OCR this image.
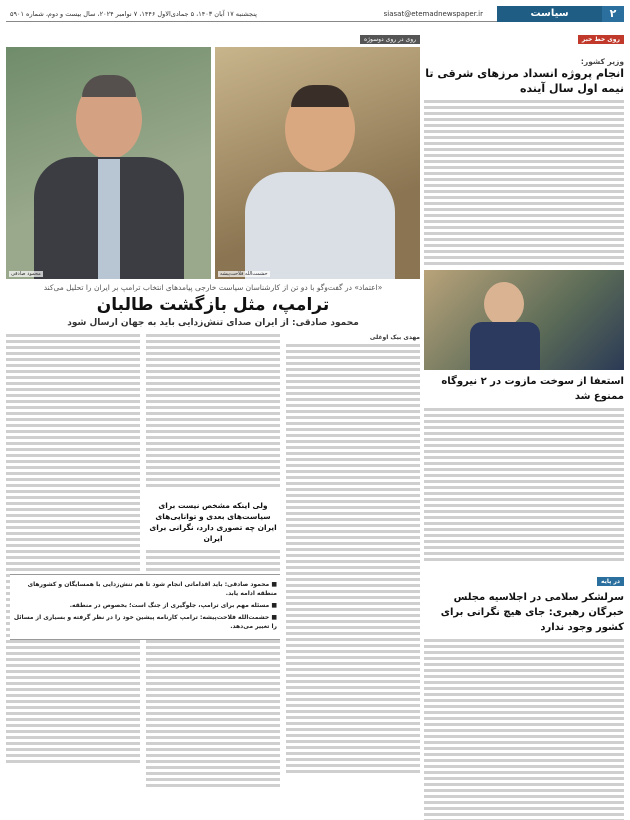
۲
سیاست
siasat@etemadnewspaper.ir
پنجشنبه ۱۷ آبان ۱۴۰۳، ۵ جمادی‌الاول ۱۴۴۶، ۷ نوامبر ۲۰۲۴، سال بیست و دوم، شماره ۵۹۰۱
روی خط خبر
وزیر کشور:
انجام پروژه انسداد مرزهای شرقی تا نیمه اول سال آینده
استعفا از سوخت مازوت در ۲ نیروگاه ممنوع شد
در پایه
سرلشکر سلامی در اجلاسیه مجلس خبرگان رهبری: جای هیچ نگرانی برای کشور وجود ندارد
روی‌ در روی‌ دوسوژه
حشمت‌الله فلاحت‌پیشه
محمود صادقی
«اعتماد» در گفت‌وگو با دو تن از کارشناسان سیاست خارجی پیامدهای انتخاب ترامپ بر ایران را تحلیل می‌کند
ترامپ، مثل بازگشت طالبان
محمود صادقی: از ایران صدای تنش‌زدایی باید به جهان ارسال شود
مهدی بیک اوغلی
ولی اینکه مشخص نیست برای سیاست‌های بعدی و توانایی‌های ایران چه تصوری دارد، نگرانی برای ایران
■ محمود صادقی: باید اقداماتی انجام شود تا هم تنش‌زدایی با همسایگان و کشورهای منطقه ادامه یابد.
■ مسئله مهم برای ترامپ، جلوگیری از جنگ است؛ بخصوص در منطقه.
■ حشمت‌الله فلاحت‌پیشه: ترامپ کارنامه پیشین خود را در نظر گرفته و بسیاری از مسائل را تغییر می‌دهد.
